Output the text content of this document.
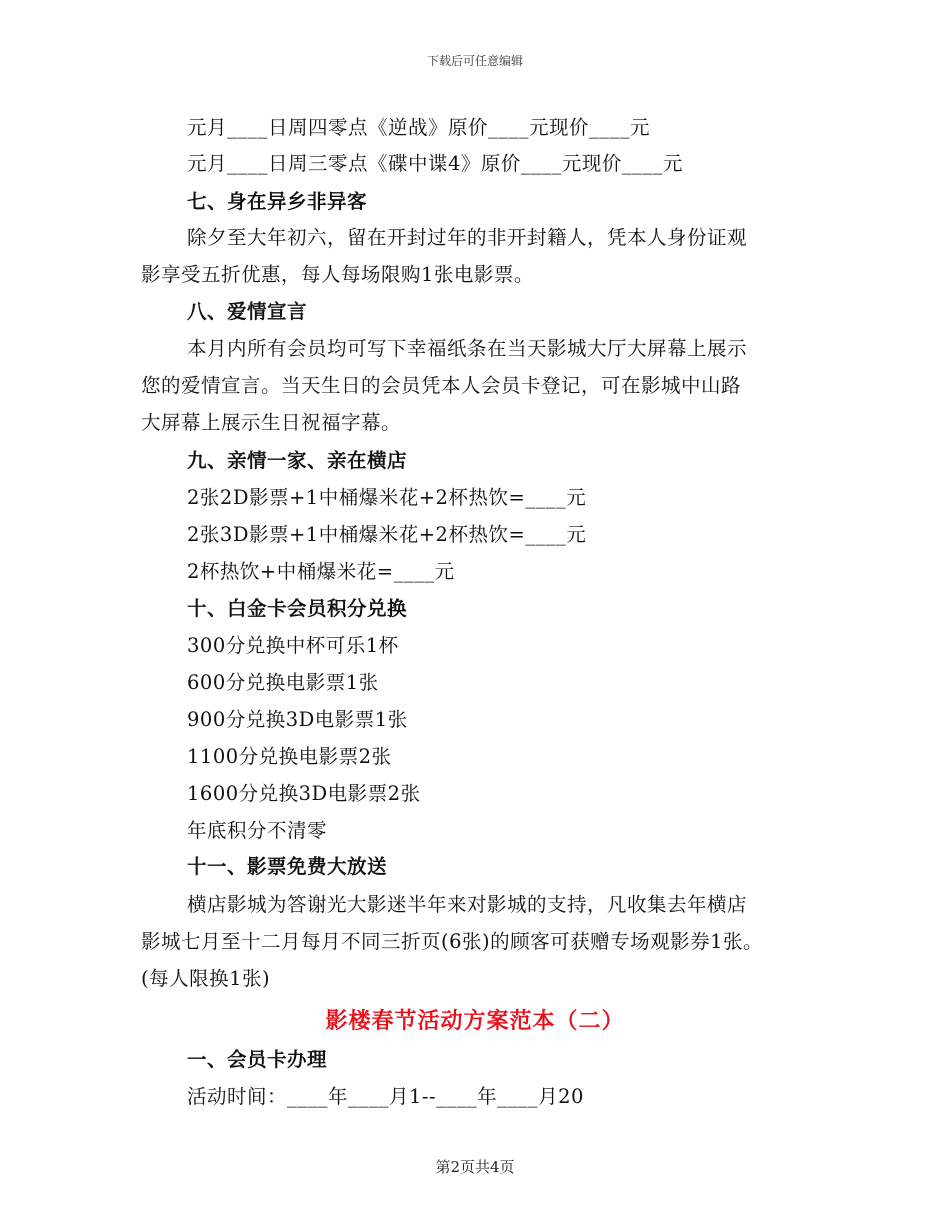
下载后可任意编辑
元月____日周四零点《逆战》原价____元现价____元
元月____日周三零点《碟中谍4》原价____元现价____元
七、身在异乡非异客
除夕至大年初六，留在开封过年的非开封籍人，凭本人身份证观
影享受五折优惠，每人每场限购1张电影票。
八、爱情宣言
本月内所有会员均可写下幸福纸条在当天影城大厅大屏幕上展示
您的爱情宣言。当天生日的会员凭本人会员卡登记，可在影城中山路
大屏幕上展示生日祝福字幕。
九、亲情一家、亲在横店
2张2D影票+1中桶爆米花+2杯热饮=____元
2张3D影票+1中桶爆米花+2杯热饮=____元
2杯热饮+中桶爆米花=____元
十、白金卡会员积分兑换
300分兑换中杯可乐1杯
600分兑换电影票1张
900分兑换3D电影票1张
1100分兑换电影票2张
1600分兑换3D电影票2张
年底积分不清零
十一、影票免费大放送
横店影城为答谢光大影迷半年来对影城的支持，凡收集去年横店
影城七月至十二月每月不同三折页(6张)的顾客可获赠专场观影券1张。
(每人限换1张)
一、会员卡办理
活动时间：____年____月1--____年____月20
影楼春节活动方案范本（二）
第2页共4页
